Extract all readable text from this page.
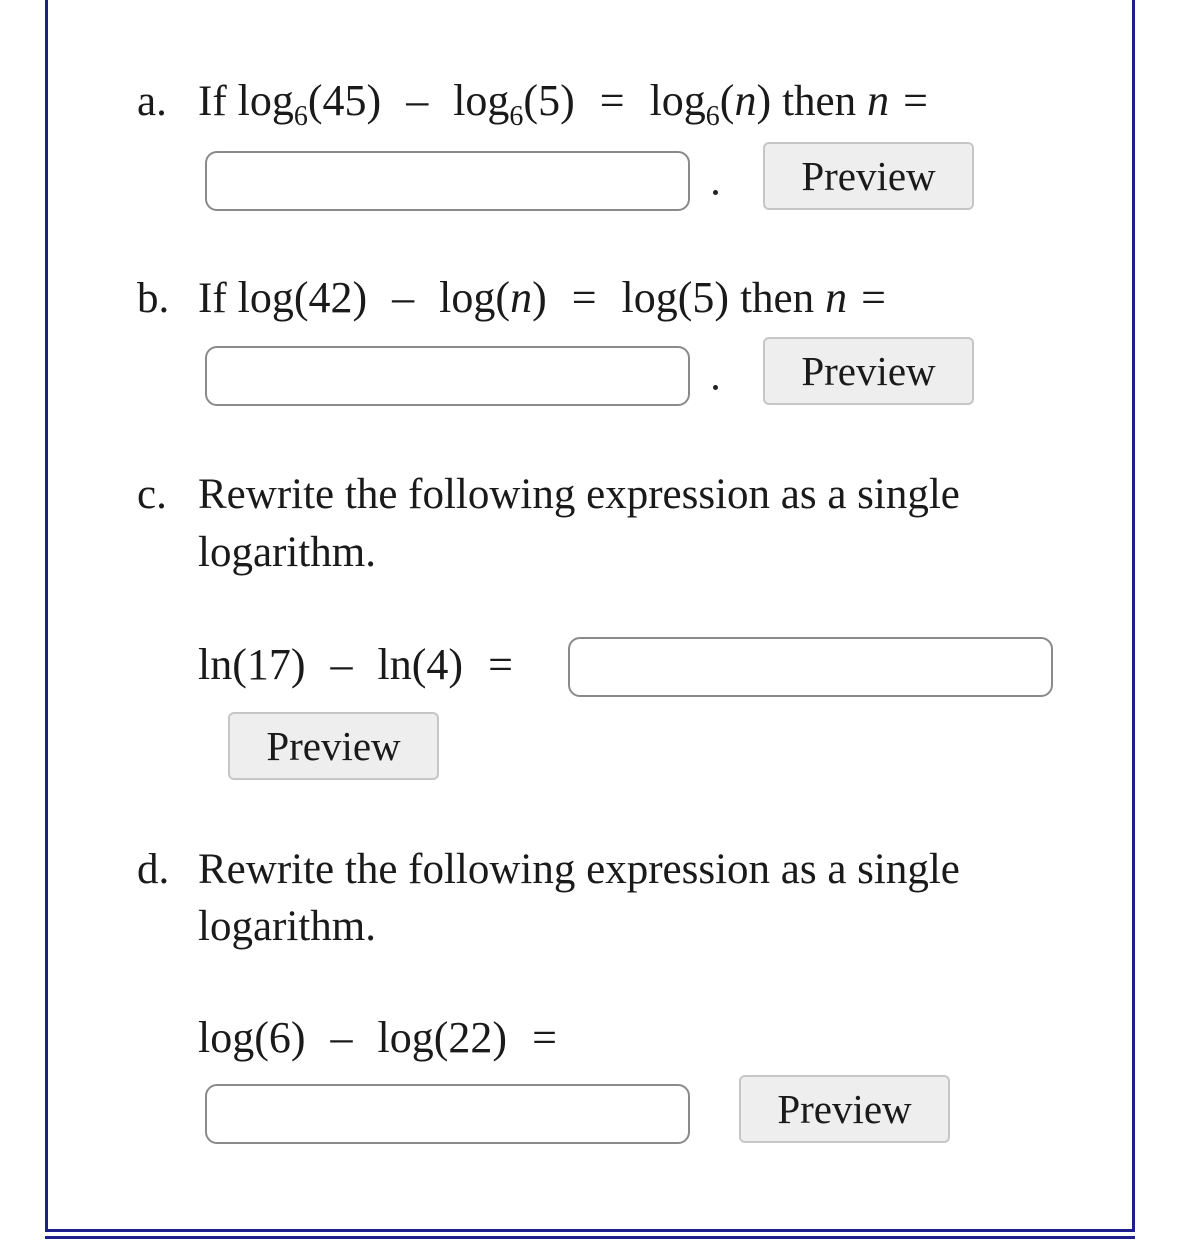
a. If $\log_6(45) - \log_6(5) = \log_6(n)$ then n =
Preview
b. If log(42) – log(n) = log(5) then n =
Preview
c. Rewrite the following expression as a single
logarithm.
ln(17) – ln(4) =
Preview
d. Rewrite the following expression as a single
logarithm.
log(6) – log(22) =
Preview
